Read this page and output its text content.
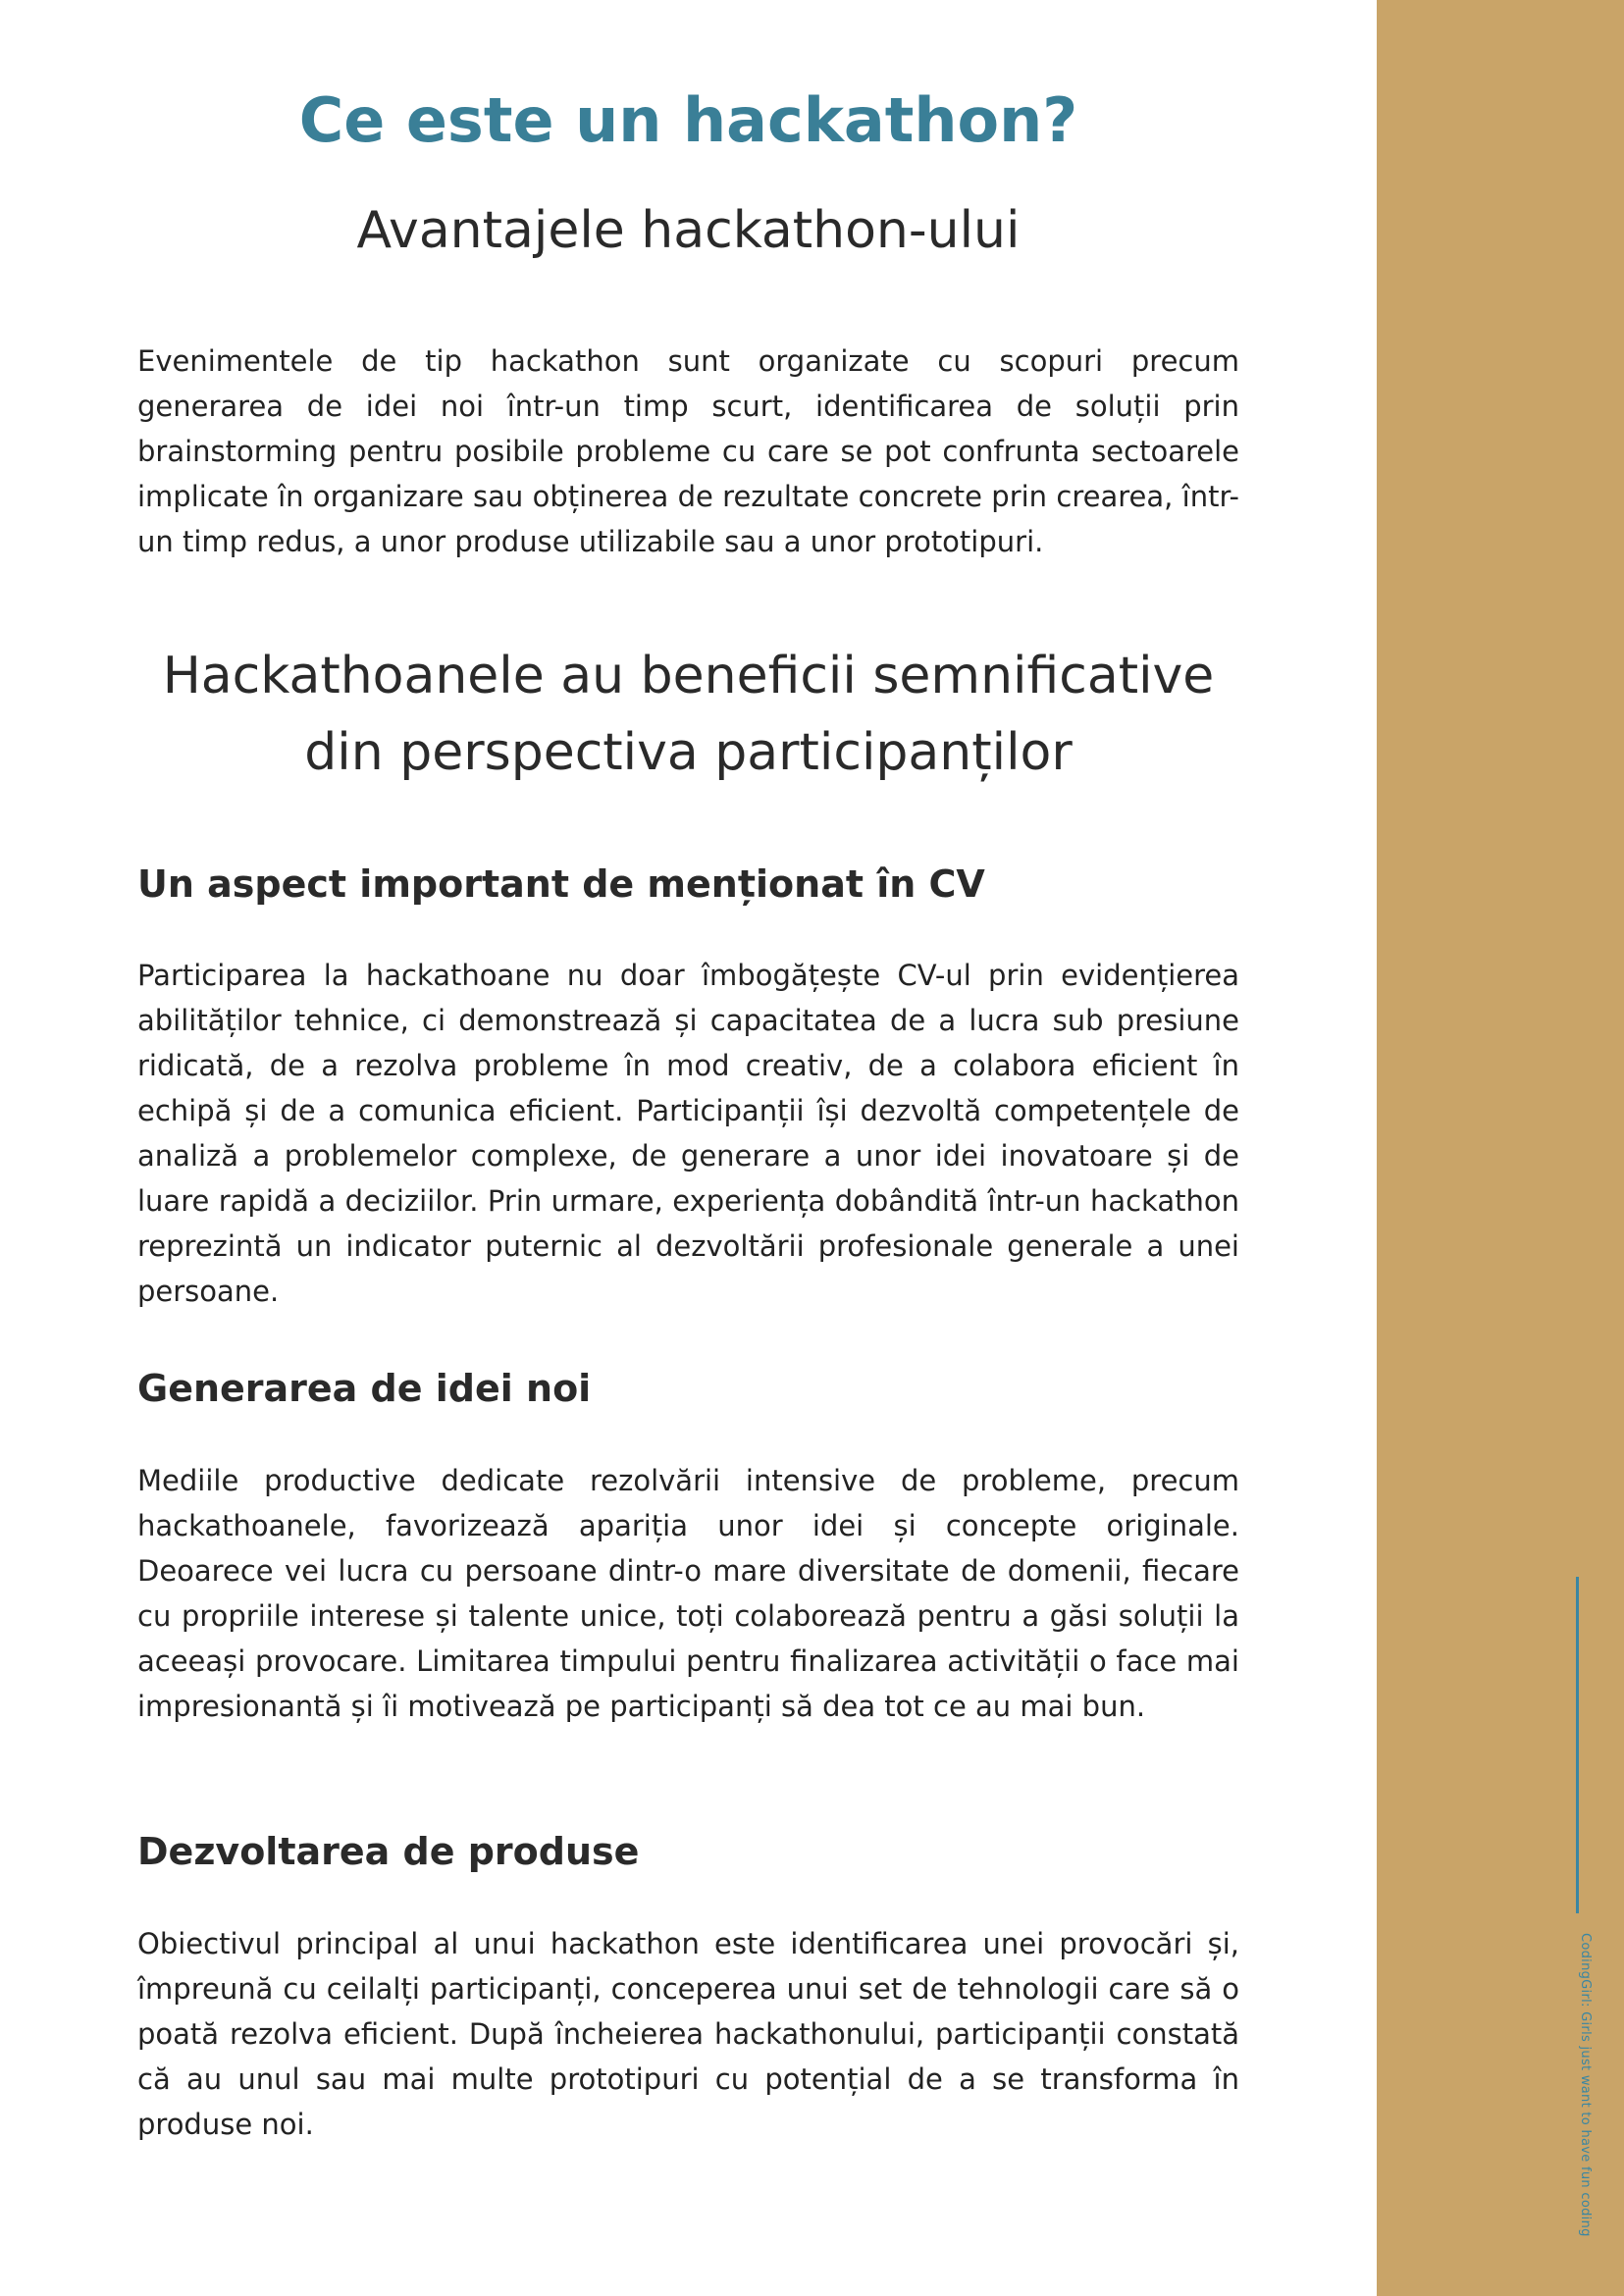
Ce este un hackathon?
Avantajele hackathon-ului

Evenimentele de tip hackathon sunt organizate cu scopuri precum generarea de idei noi într-un timp scurt, identificarea de soluții prin brainstorming pentru posibile probleme cu care se pot confrunta sectoarele implicate în organizare sau obținerea de rezultate concrete prin crearea, într-un timp redus, a unor produse utilizabile sau a unor prototipuri.

Hackathoanele au beneficii semnificative din perspectiva participanților
Un aspect important de menționat în CV

Participarea la hackathoane nu doar îmbogățește CV-ul prin evidențierea abilităților tehnice, ci demonstrează și capacitatea de a lucra sub presiune ridicată, de a rezolva probleme în mod creativ, de a colabora eficient în echipă și de a comunica eficient. Participanții își dezvoltă competențele de analiză a problemelor complexe, de generare a unor idei inovatoare și de luare rapidă a deciziilor. Prin urmare, experiența dobândită într-un hackathon reprezintă un indicator puternic al dezvoltării profesionale generale a unei persoane.

Generarea de idei noi

Mediile productive dedicate rezolvării intensive de probleme, precum hackathoanele, favorizează apariția unor idei și concepte originale. Deoarece vei lucra cu persoane dintr-o mare diversitate de domenii, fiecare cu propriile interese și talente unice, toți colaborează pentru a găsi soluții la aceeași provocare. Limitarea timpului pentru finalizarea activității o face mai impresionantă și îi motivează pe participanți să dea tot ce au mai bun.

Dezvoltarea de produse

Obiectivul principal al unui hackathon este identificarea unei provocări și, împreună cu ceilalți participanți, conceperea unui set de tehnologii care să o poată rezolva eficient. După încheierea hackathonului, participanții constată că au unul sau mai multe prototipuri cu potențial de a se transforma în produse noi.	CodingGirl: Girls just want to have fun coding
